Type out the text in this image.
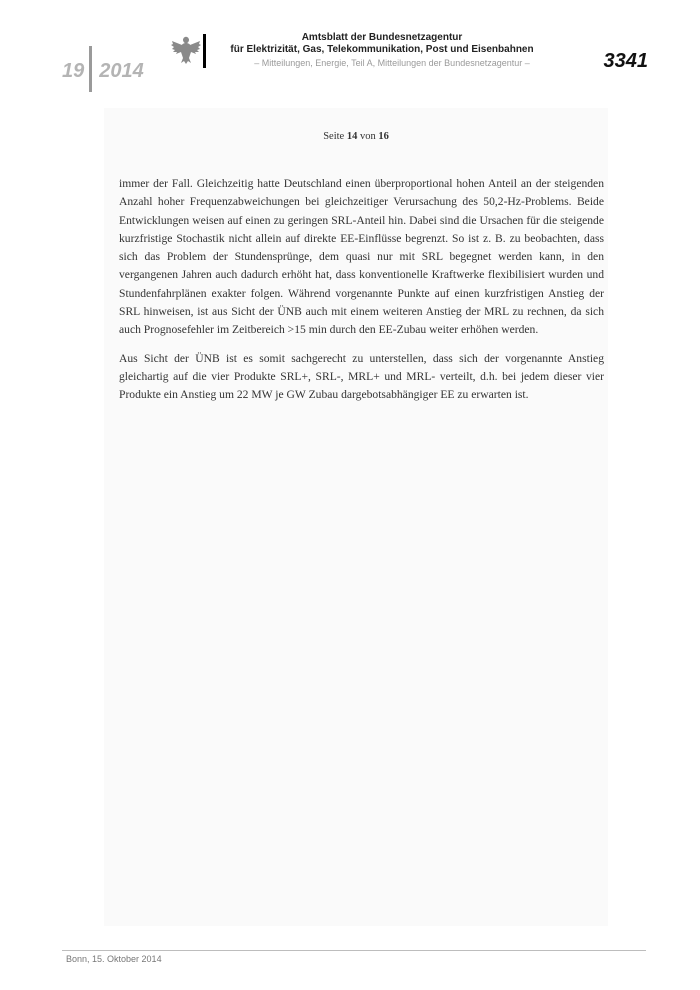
19 2014
Amtsblatt der Bundesnetzagentur
für Elektrizität, Gas, Telekommunikation, Post und Eisenbahnen
– Mitteilungen, Energie, Teil A, Mitteilungen der Bundesnetzagentur –	3341
Seite 14 von 16

immer der Fall. Gleichzeitig hatte Deutschland einen überproportional hohen Anteil an der steigenden Anzahl hoher Frequenzabweichungen bei gleichzeitiger Verursachung des 50,2-Hz-Problems. Beide Entwicklungen weisen auf einen zu geringen SRL-Anteil hin. Dabei sind die Ursachen für die steigende kurzfristige Stochastik nicht allein auf direkte EE-Einflüsse begrenzt. So ist z. B. zu beobachten, dass sich das Problem der Stundensprünge, dem quasi nur mit SRL begegnet werden kann, in den vergangenen Jahren auch dadurch erhöht hat, dass konventionelle Kraftwerke flexibilisiert wurden und Stundenfahrplänen exakter folgen. Während vorgenannte Punkte auf einen kurzfristigen Anstieg der SRL hinweisen, ist aus Sicht der ÜNB auch mit einem weiteren Anstieg der MRL zu rechnen, da sich auch Prognosefehler im Zeitbereich >15 min durch den EE-Zubau weiter erhöhen werden.

Aus Sicht der ÜNB ist es somit sachgerecht zu unterstellen, dass sich der vorgenannte Anstieg gleichartig auf die vier Produkte SRL+, SRL-, MRL+ und MRL- verteilt, d.h. bei jedem dieser vier Produkte ein Anstieg um 22 MW je GW Zubau dargebotsabhängiger EE zu erwarten ist.

Bonn, 15. Oktober 2014
